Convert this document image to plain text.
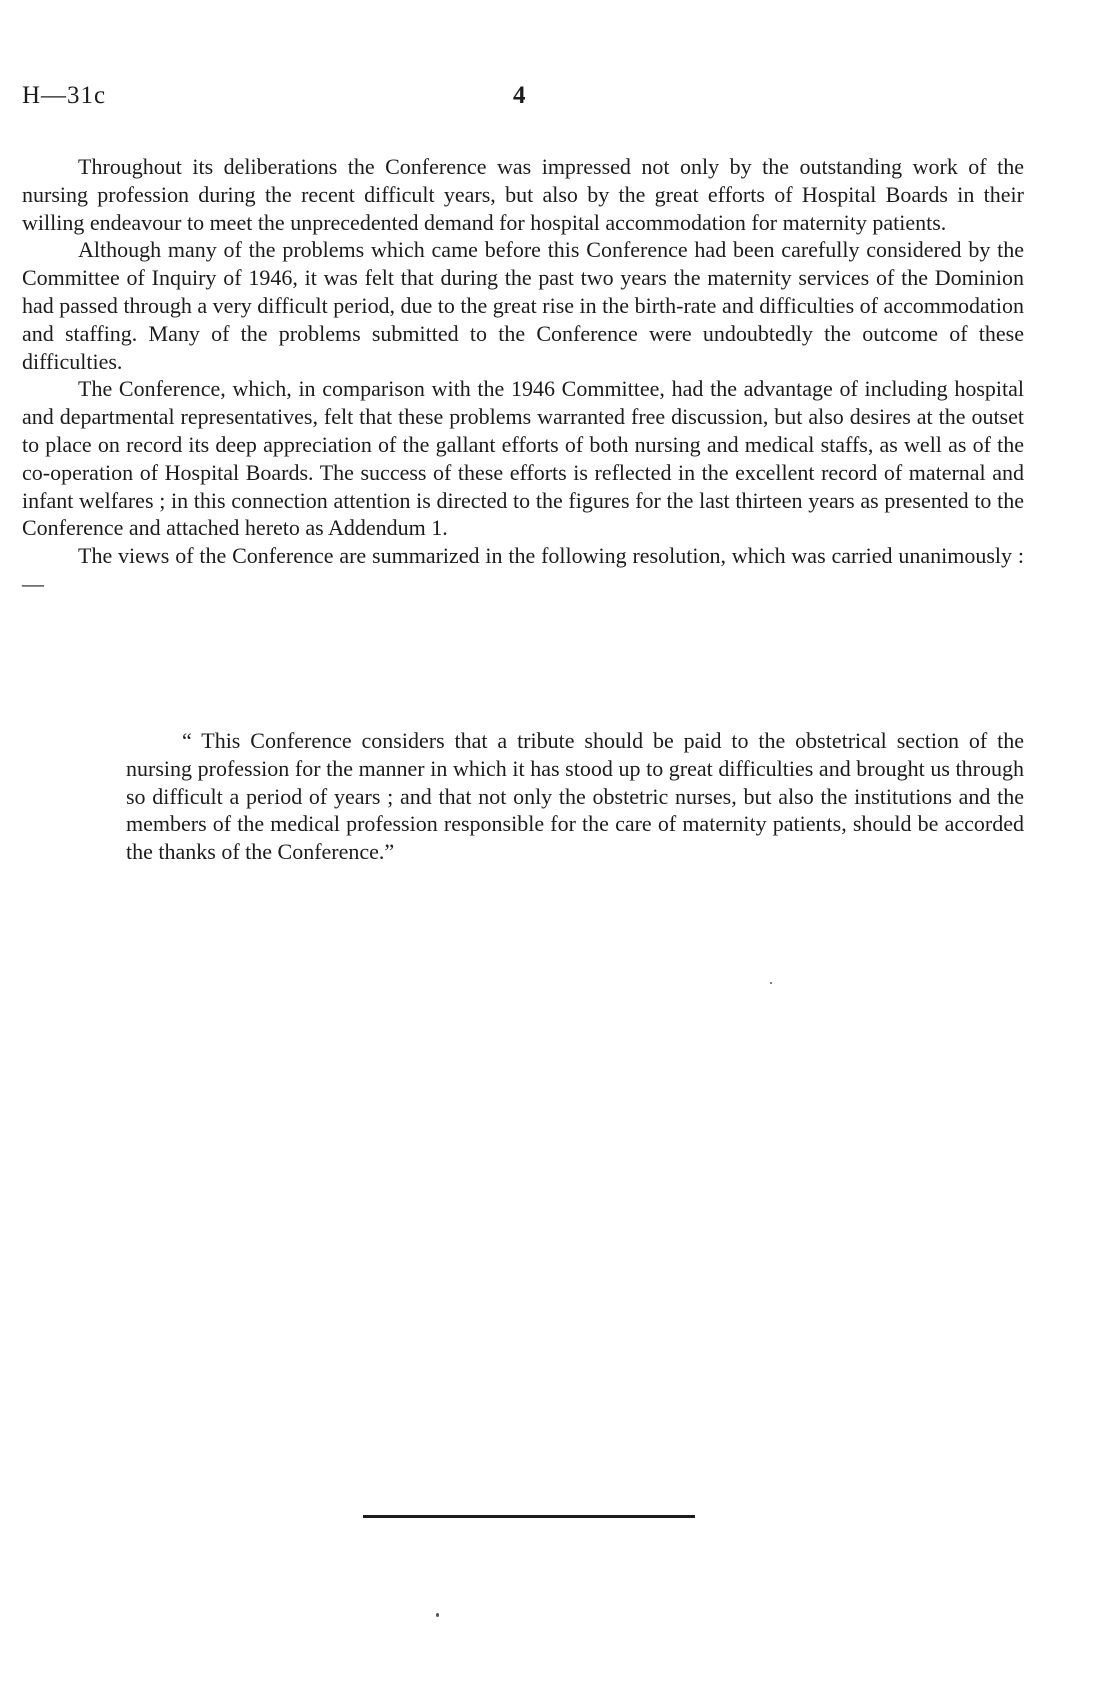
H—31c	4

Throughout its deliberations the Conference was impressed not only by the outstanding work of the nursing profession during the recent difficult years, but also by the great efforts of Hospital Boards in their willing endeavour to meet the unprecedented demand for hospital accommodation for maternity patients.

Although many of the problems which came before this Conference had been carefully considered by the Committee of Inquiry of 1946, it was felt that during the past two years the maternity services of the Dominion had passed through a very difficult period, due to the great rise in the birth-rate and difficulties of accommodation and staffing. Many of the problems submitted to the Conference were undoubtedly the outcome of these difficulties.

The Conference, which, in comparison with the 1946 Committee, had the advantage of including hospital and departmental representatives, felt that these problems warranted free discussion, but also desires at the outset to place on record its deep appreciation of the gallant efforts of both nursing and medical staffs, as well as of the co-operation of Hospital Boards. The success of these efforts is reflected in the excellent record of maternal and infant welfares ; in this connection attention is directed to the figures for the last thirteen years as presented to the Conference and attached hereto as Addendum 1.

The views of the Conference are summarized in the following resolution, which was carried unanimously :—

“ This Conference considers that a tribute should be paid to the obstetrical section of the nursing profession for the manner in which it has stood up to great difficulties and brought us through so difficult a period of years ; and that not only the obstetric nurses, but also the institutions and the members of the medical profession responsible for the care of maternity patients, should be accorded the thanks of the Conference.”
